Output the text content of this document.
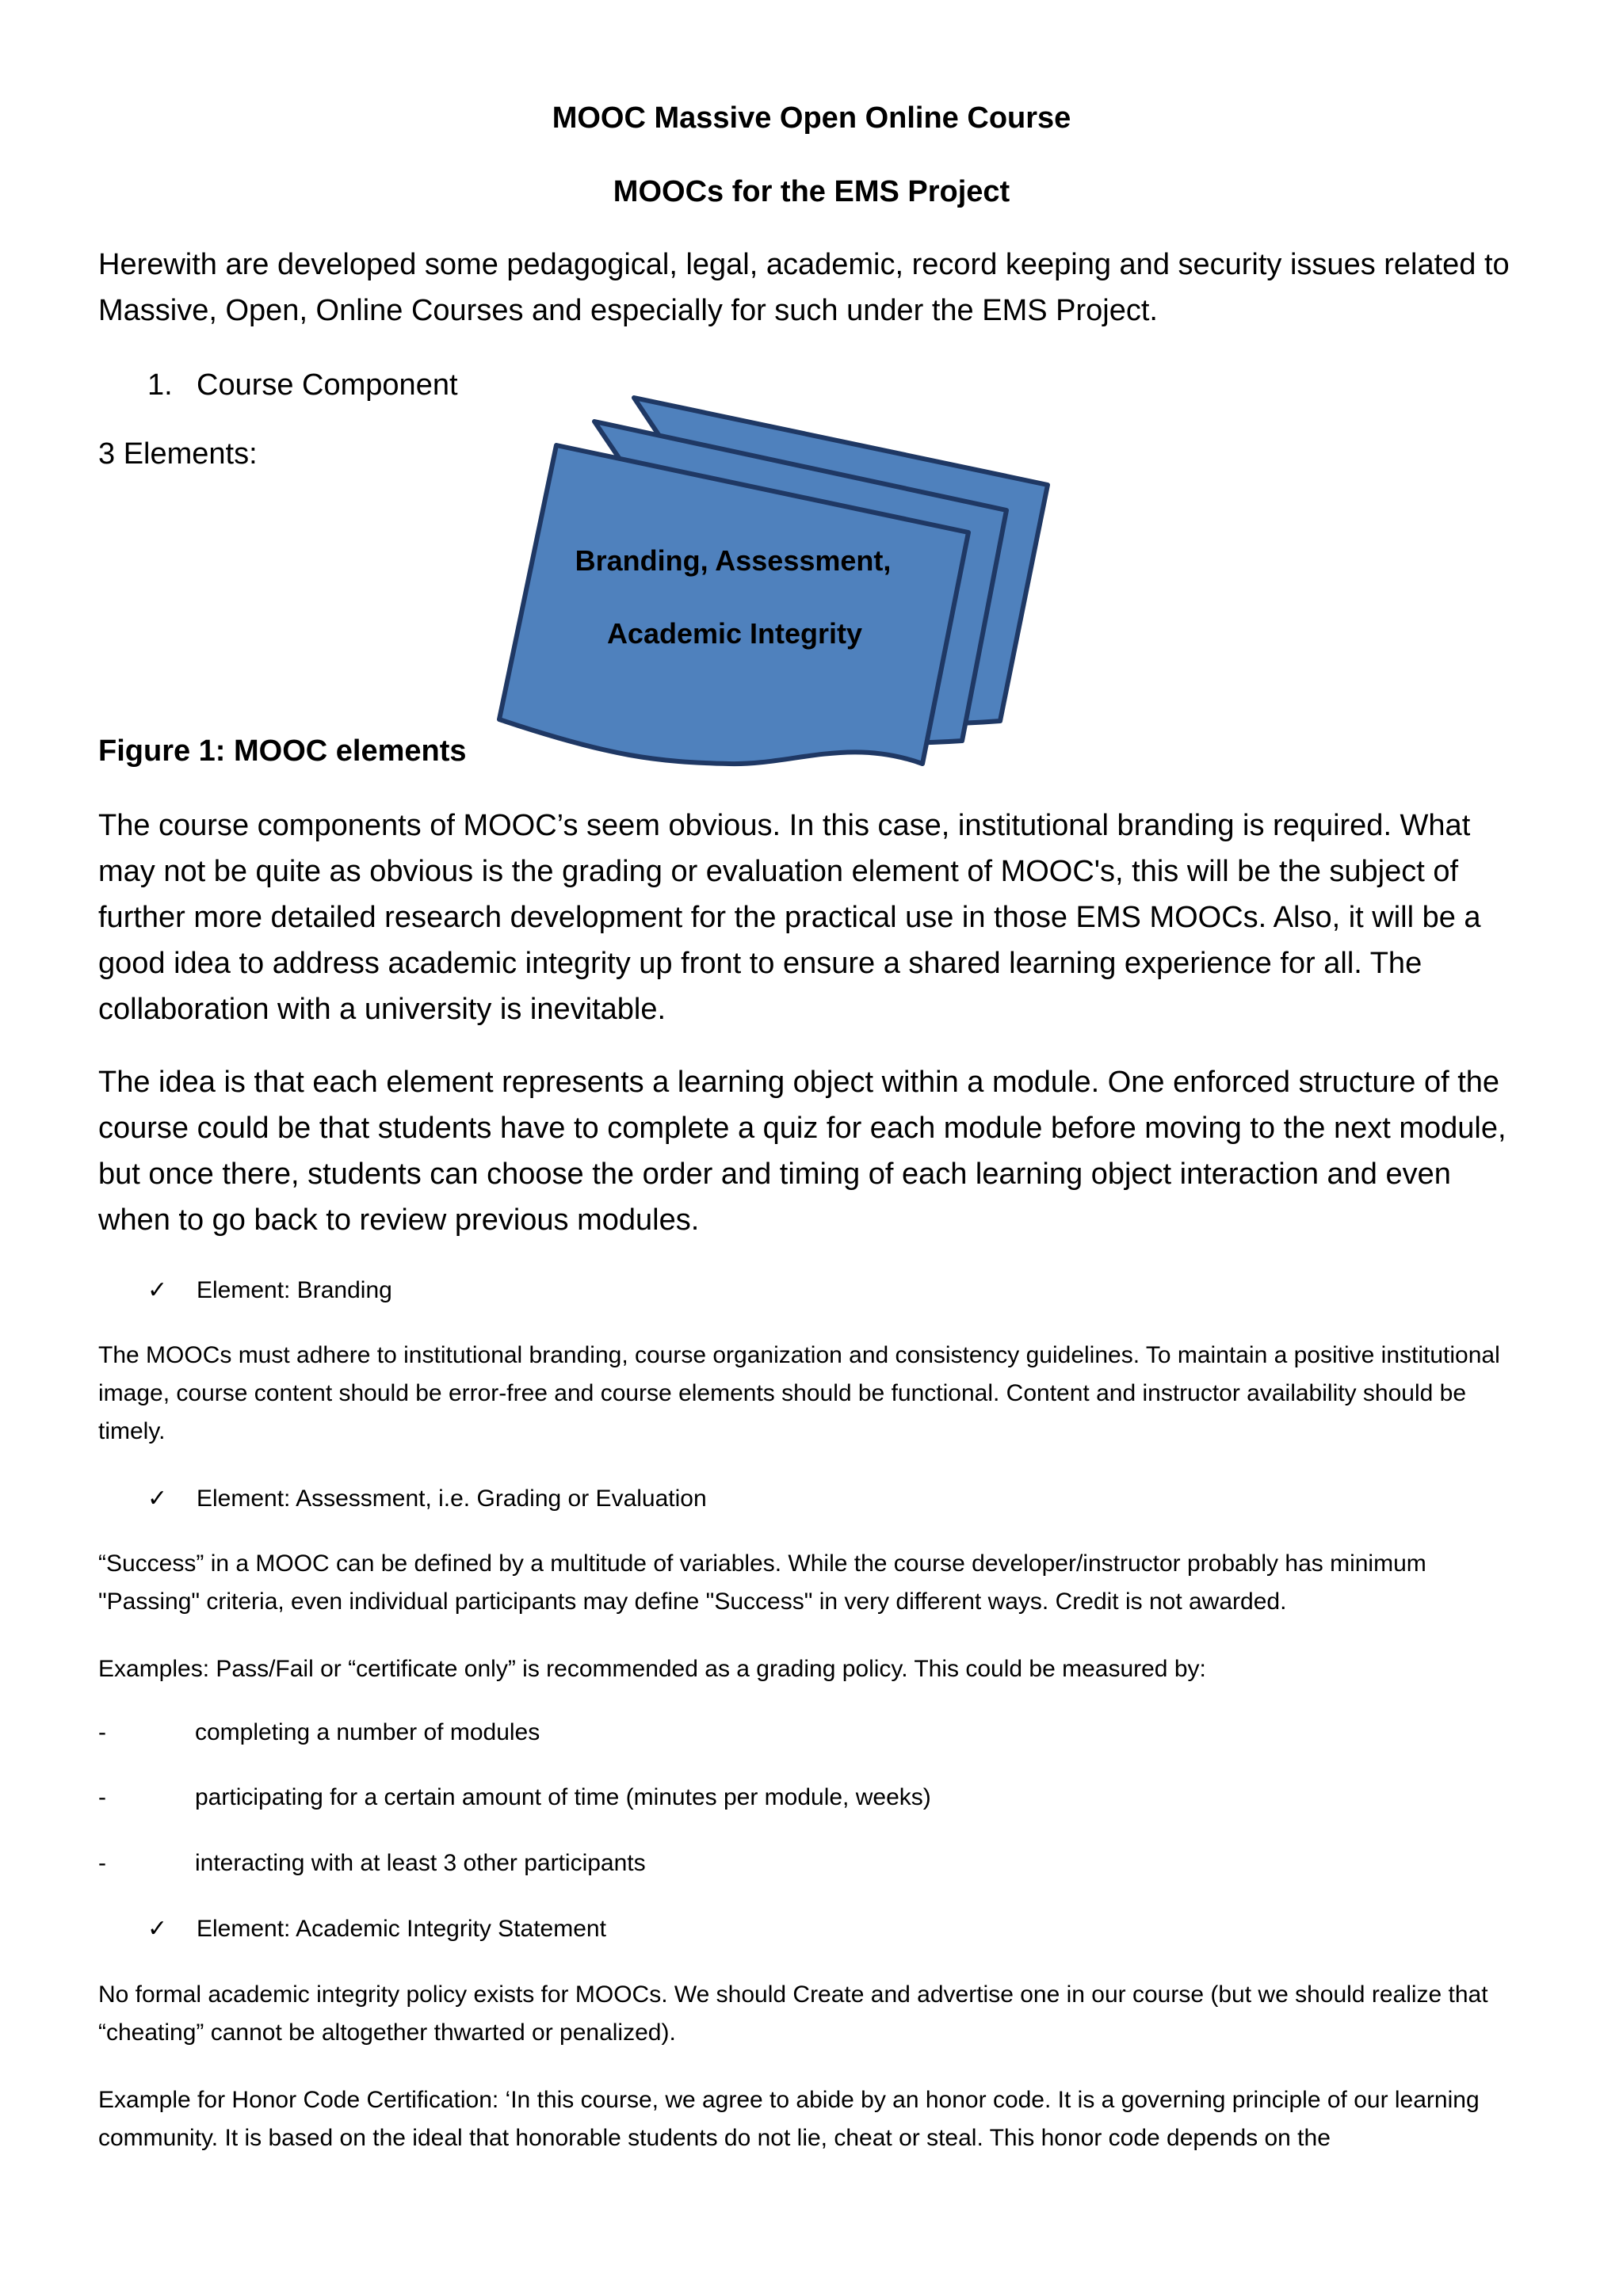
MOOC Massive Open Online Course

MOOCs for the EMS Project

Herewith are developed some pedagogical, legal, academic, record keeping and security issues related to Massive, Open, Online Courses and especially for such under the EMS Project.

1. Course Component

3 Elements:

Branding, Assessment,
Academic Integrity

Figure 1: MOOC elements

The course components of MOOC’s seem obvious. In this case, institutional branding is required. What may not be quite as obvious is the grading or evaluation element of MOOC's, this will be the subject of further more detailed research development for the practical use in those EMS MOOCs. Also, it will be a good idea to address academic integrity up front to ensure a shared learning experience for all. The collaboration with a university is inevitable.

The idea is that each element represents a learning object within a module. One enforced structure of the course could be that students have to complete a quiz for each module before moving to the next module, but once there, students can choose the order and timing of each learning object interaction and even when to go back to review previous modules.

✓ Element: Branding

The MOOCs must adhere to institutional branding, course organization and consistency guidelines. To maintain a positive institutional image, course content should be error-free and course elements should be functional. Content and instructor availability should be timely.

✓ Element: Assessment, i.e. Grading or Evaluation

“Success” in a MOOC can be defined by a multitude of variables. While the course developer/instructor probably has minimum "Passing" criteria, even individual participants may define "Success" in very different ways. Credit is not awarded.

Examples: Pass/Fail or “certificate only” is recommended as a grading policy. This could be measured by:

-	completing a number of modules

-	participating for a certain amount of time (minutes per module, weeks)

-	interacting with at least 3 other participants

✓ Element: Academic Integrity Statement

No formal academic integrity policy exists for MOOCs. We should Create and advertise one in our course (but we should realize that “cheating” cannot be altogether thwarted or penalized).

Example for Honor Code Certification: ‘In this course, we agree to abide by an honor code. It is a governing principle of our learning community. It is based on the ideal that honorable students do not lie, cheat or steal. This honor code depends on the
